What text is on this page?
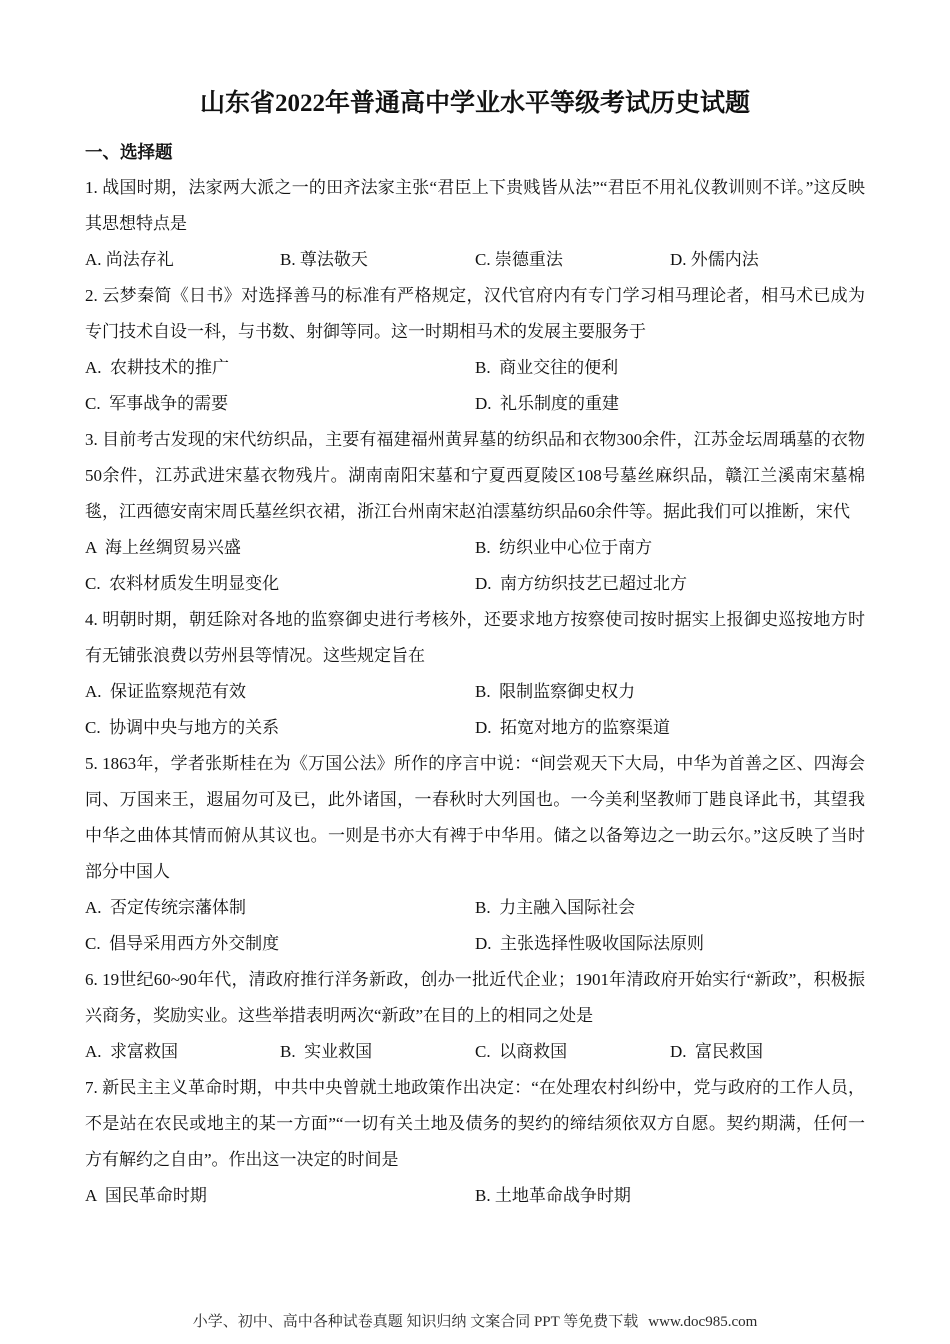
山东省2022年普通高中学业水平等级考试历史试题
一、选择题

1. 战国时期，法家两大派之一的田齐法家主张“君臣上下贵贱皆从法”“君臣不用礼仪教训则不详。”这反映其思想特点是

A. 尚法存礼	B. 尊法敬天	C. 崇德重法	D. 外儒内法

2. 云梦秦简《日书》对选择善马的标准有严格规定，汉代官府内有专门学习相马理论者，相马术已成为专门技术自设一科，与书数、射御等同。这一时期相马术的发展主要服务于

A.  农耕技术的推广	B.  商业交往的便利
C.  军事战争的需要	D.  礼乐制度的重建

3. 目前考古发现的宋代纺织品，主要有福建福州黄昇墓的纺织品和衣物300余件，江苏金坛周瑀墓的衣物50余件，江苏武进宋墓衣物残片。湖南南阳宋墓和宁夏西夏陵区108号墓丝麻织品，赣江兰溪南宋墓棉毯，江西德安南宋周氏墓丝织衣裙，浙江台州南宋赵泊澐墓纺织品60余件等。据此我们可以推断，宋代

A  海上丝绸贸易兴盛	B.  纺织业中心位于南方
C.  农料材质发生明显变化	D.  南方纺织技艺已超过北方

4. 明朝时期，朝廷除对各地的监察御史进行考核外，还要求地方按察使司按时据实上报御史巡按地方时有无铺张浪费以劳州县等情况。这些规定旨在

A.  保证监察规范有效	B.  限制监察御史权力
C.  协调中央与地方的关系	D.  拓宽对地方的监察渠道

5. 1863年，学者张斯桂在为《万国公法》所作的序言中说：“间尝观天下大局，中华为首善之区、四海会同、万国来王，遐届勿可及已，此外诸国，一春秋时大列国也。一今美利坚教师丁韪良译此书，其望我中华之曲体其情而俯从其议也。一则是书亦大有裨于中华用。储之以备筹边之一助云尔。”这反映了当时部分中国人

A.  否定传统宗藩体制	B.  力主融入国际社会
C.  倡导采用西方外交制度	D.  主张选择性吸收国际法原则

6. 19世纪60~90年代，清政府推行洋务新政，创办一批近代企业；1901年清政府开始实行“新政”，积极振兴商务，奖励实业。这些举措表明两次“新政”在目的上的相同之处是

A.  求富救国	B.  实业救国	C.  以商救国	D.  富民救国

7. 新民主主义革命时期，中共中央曾就土地政策作出决定：“在处理农村纠纷中，党与政府的工作人员，不是站在农民或地主的某一方面”“一切有关土地及债务的契约的缔结须依双方自愿。契约期满，任何一方有解约之自由”。作出这一决定的时间是

A  国民革命时期	B. 土地革命战争时期
小学、初中、高中各种试卷真题 知识归纳 文案合同 PPT 等免费下载 www.doc985.com
